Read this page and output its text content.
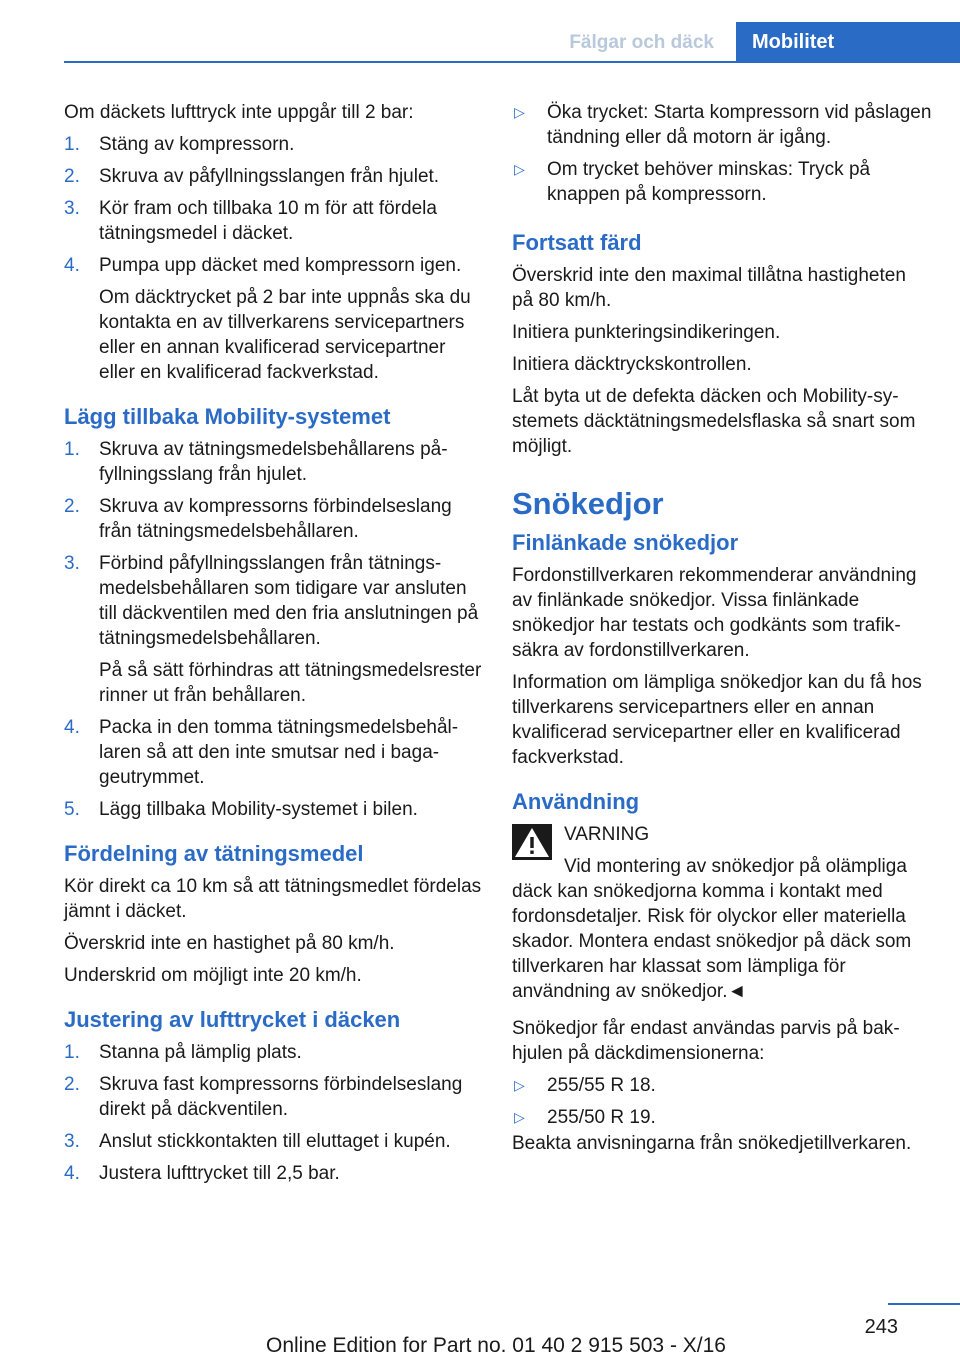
Fälgar och däck	Mobilitet

Om däckets lufttryck inte uppgår till 2 bar:

1. Stäng av kompressorn.
2. Skruva av påfyllningsslangen från hjulet.
3. Kör fram och tillbaka 10 m för att fördela tätningsmedel i däcket.
4. Pumpa upp däcket med kompressorn igen.
Om däcktrycket på 2 bar inte uppnås ska du kontakta en av tillverkarens servicepartners eller en annan kvalificerad servicepartner eller en kvalificerad fackverkstad.
Lägg tillbaka Mobility-systemet
1. Skruva av tätningsmedelsbehållarens påfyllningsslang från hjulet.
2. Skruva av kompressorns förbindelseslang från tätningsmedelsbehållaren.
3. Förbind påfyllningsslangen från tätningsmedelsbehållaren som tidigare var ansluten till däckventilen med den fria anslutningen på tätningsmedelsbehållaren.
På så sätt förhindras att tätningsmedelsrester rinner ut från behållaren.
4. Packa in den tomma tätningsmedelsbehållaren så att den inte smutsar ned i bagageutrymmet.
5. Lägg tillbaka Mobility-systemet i bilen.
Fördelning av tätningsmedel

Kör direkt ca 10 km så att tätningsmedlet fördelas jämnt i däcket.

Överskrid inte en hastighet på 80 km/h.

Underskrid om möjligt inte 20 km/h.

Justering av lufttrycket i däcken
1. Stanna på lämplig plats.
2. Skruva fast kompressorns förbindelseslang direkt på däckventilen.
3. Anslut stickkontakten till eluttaget i kupén.
4. Justera lufttrycket till 2,5 bar.
▷ Öka trycket: Starta kompressorn vid påslagen tändning eller då motorn är igång.
▷ Om trycket behöver minskas: Tryck på knappen på kompressorn.
Fortsatt färd

Överskrid inte den maximal tillåtna hastigheten på 80 km/h.

Initiera punkteringsindikeringen.

Initiera däcktryckskontrollen.

Låt byta ut de defekta däcken och Mobility-systemets däcktätningsmedelsflaska så snart som möjligt.

Snökedjor
Finlänkade snökedjor

Fordonstillverkaren rekommenderar användning av finlänkade snökedjor. Vissa finlänkade snökedjor har testats och godkänts som trafiksäkra av fordonstillverkaren.

Information om lämpliga snökedjor kan du få hos tillverkarens servicepartners eller en annan kvalificerad servicepartner eller en kvalificerad fackverkstad.

Användning
VARNING
Vid montering av snökedjor på olämpliga
däck kan snökedjorna komma i kontakt med fordonsdetaljer. Risk för olyckor eller materiella skador. Montera endast snökedjor på däck som tillverkaren har klassat som lämpliga för användning av snökedjor.◄

Snökedjor får endast användas parvis på bakhjulen på däckdimensionerna:

▷ 255/55 R 18.
▷ 255/50 R 19.

Beakta anvisningarna från snökedjetillverkaren.

243
Online Edition for Part no. 01 40 2 915 503 - X/16
